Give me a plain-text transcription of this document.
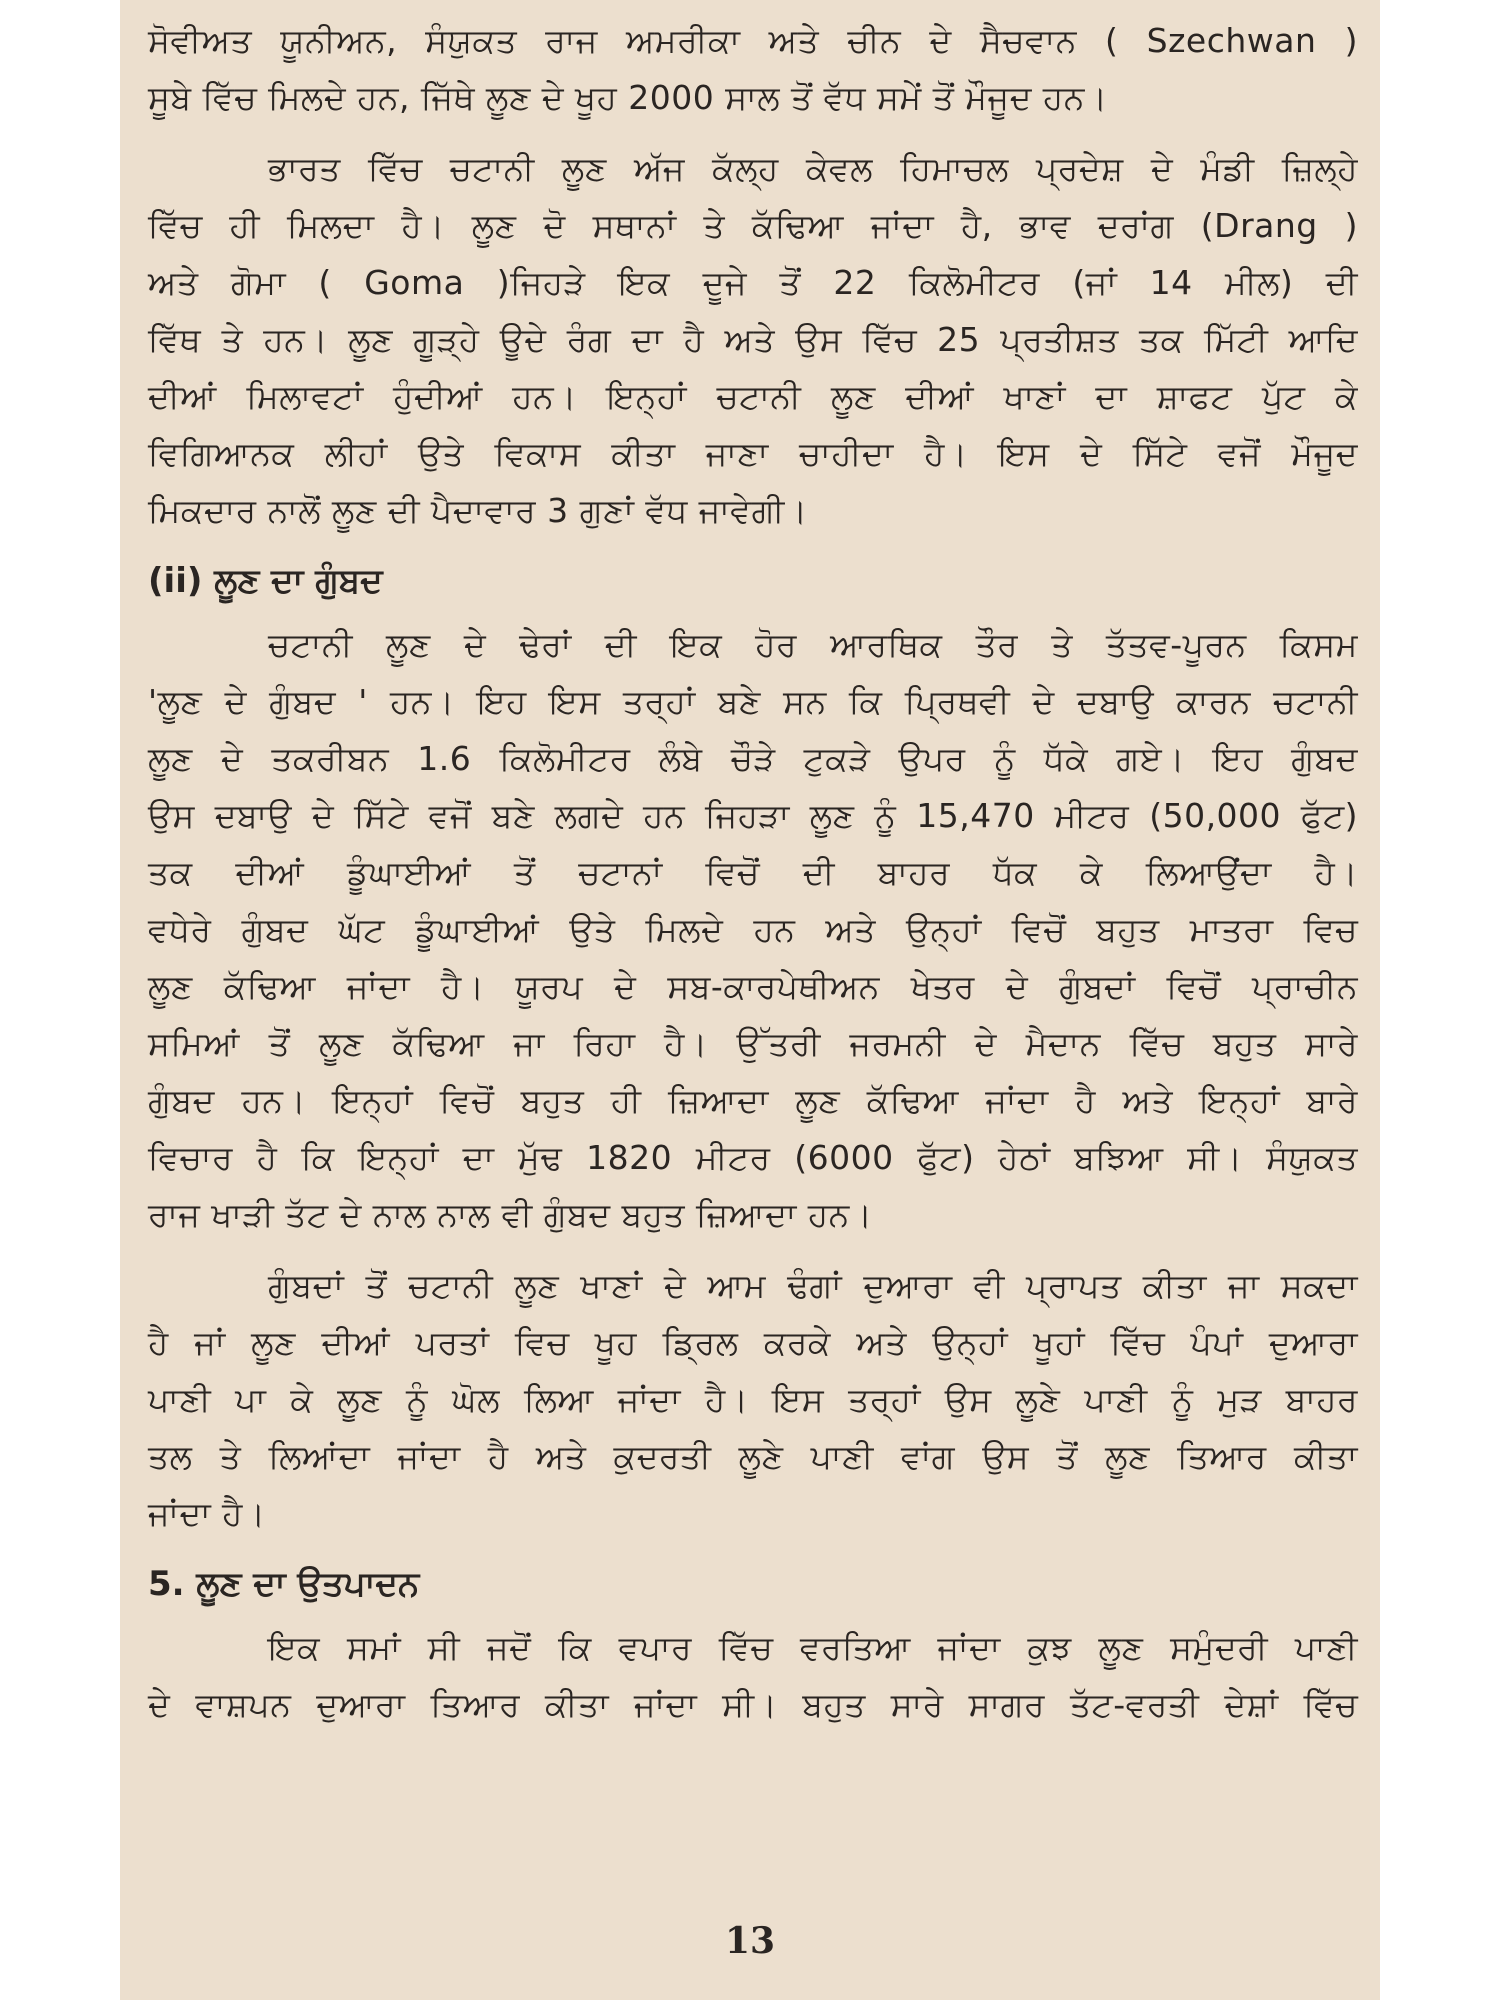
ਸੋਵੀਅਤ ਯੂਨੀਅਨ, ਸੰਯੁਕਤ ਰਾਜ ਅਮਰੀਕਾ ਅਤੇ ਚੀਨ ਦੇ ਸੈਚਵਾਨ ( Szechwan )
ਸੂਬੇ ਵਿੱਚ ਮਿਲਦੇ ਹਨ, ਜਿੱਥੇ ਲੂਣ ਦੇ ਖੂਹ 2000 ਸਾਲ ਤੋਂ ਵੱਧ ਸਮੇਂ ਤੋਂ ਮੌਜੂਦ ਹਨ।
ਭਾਰਤ ਵਿੱਚ ਚਟਾਨੀ ਲੂਣ ਅੱਜ ਕੱਲ੍ਹ ਕੇਵਲ ਹਿਮਾਚਲ ਪ੍ਰਦੇਸ਼ ਦੇ ਮੰਡੀ ਜ਼ਿਲ੍ਹੇ
ਵਿੱਚ ਹੀ ਮਿਲਦਾ ਹੈ। ਲੂਣ ਦੋ ਸਥਾਨਾਂ ਤੇ ਕੱਢਿਆ ਜਾਂਦਾ ਹੈ, ਭਾਵ ਦਰਾਂਗ (Drang )
ਅਤੇ ਗੋਮਾ ( Goma )ਜਿਹੜੇ ਇਕ ਦੂਜੇ ਤੋਂ 22 ਕਿਲੋਮੀਟਰ (ਜਾਂ 14 ਮੀਲ) ਦੀ
ਵਿੱਥ ਤੇ ਹਨ। ਲੂਣ ਗੂੜ੍ਹੇ ਊਦੇ ਰੰਗ ਦਾ ਹੈ ਅਤੇ ਉਸ ਵਿੱਚ 25 ਪ੍ਰਤੀਸ਼ਤ ਤਕ ਮਿੱਟੀ ਆਦਿ
ਦੀਆਂ ਮਿਲਾਵਟਾਂ ਹੁੰਦੀਆਂ ਹਨ। ਇਨ੍ਹਾਂ ਚਟਾਨੀ ਲੂਣ ਦੀਆਂ ਖਾਣਾਂ ਦਾ ਸ਼ਾਫਟ ਪੁੱਟ ਕੇ
ਵਿਗਿਆਨਕ ਲੀਹਾਂ ਉਤੇ ਵਿਕਾਸ ਕੀਤਾ ਜਾਣਾ ਚਾਹੀਦਾ ਹੈ। ਇਸ ਦੇ ਸਿੱਟੇ ਵਜੋਂ ਮੌਜੂਦ
ਮਿਕਦਾਰ ਨਾਲੋਂ ਲੂਣ ਦੀ ਪੈਦਾਵਾਰ 3 ਗੁਣਾਂ ਵੱਧ ਜਾਵੇਗੀ।
(ii) ਲੂਣ ਦਾ ਗੁੰਬਦ
ਚਟਾਨੀ ਲੂਣ ਦੇ ਢੇਰਾਂ ਦੀ ਇਕ ਹੋਰ ਆਰਥਿਕ ਤੌਰ ਤੇ ਤੱਤਵ-ਪੂਰਨ ਕਿਸਮ
'ਲੂਣ ਦੇ ਗੁੰਬਦ ' ਹਨ। ਇਹ ਇਸ ਤਰ੍ਹਾਂ ਬਣੇ ਸਨ ਕਿ ਪ੍ਰਿਥਵੀ ਦੇ ਦਬਾਉ ਕਾਰਨ ਚਟਾਨੀ
ਲੂਣ ਦੇ ਤਕਰੀਬਨ 1.6 ਕਿਲੋਮੀਟਰ ਲੰਬੇ ਚੌੜੇ ਟੁਕੜੇ ਉਪਰ ਨੂੰ ਧੱਕੇ ਗਏ। ਇਹ ਗੁੰਬਦ
ਉਸ ਦਬਾਉ ਦੇ ਸਿੱਟੇ ਵਜੋਂ ਬਣੇ ਲਗਦੇ ਹਨ ਜਿਹੜਾ ਲੂਣ ਨੂੰ 15,470 ਮੀਟਰ (50,000 ਫੁੱਟ)
ਤਕ ਦੀਆਂ ਡੂੰਘਾਈਆਂ ਤੋਂ ਚਟਾਨਾਂ ਵਿਚੋਂ ਦੀ ਬਾਹਰ ਧੱਕ ਕੇ ਲਿਆਉਂਦਾ ਹੈ।
ਵਧੇਰੇ ਗੁੰਬਦ ਘੱਟ ਡੂੰਘਾਈਆਂ ਉਤੇ ਮਿਲਦੇ ਹਨ ਅਤੇ ਉਨ੍ਹਾਂ ਵਿਚੋਂ ਬਹੁਤ ਮਾਤਰਾ ਵਿਚ
ਲੂਣ ਕੱਢਿਆ ਜਾਂਦਾ ਹੈ। ਯੂਰਪ ਦੇ ਸਬ-ਕਾਰਪੇਥੀਅਨ ਖੇਤਰ ਦੇ ਗੁੰਬਦਾਂ ਵਿਚੋਂ ਪ੍ਰਾਚੀਨ
ਸਮਿਆਂ ਤੋਂ ਲੂਣ ਕੱਢਿਆ ਜਾ ਰਿਹਾ ਹੈ। ਉੱਤਰੀ ਜਰਮਨੀ ਦੇ ਮੈਦਾਨ ਵਿੱਚ ਬਹੁਤ ਸਾਰੇ
ਗੁੰਬਦ ਹਨ। ਇਨ੍ਹਾਂ ਵਿਚੋਂ ਬਹੁਤ ਹੀ ਜ਼ਿਆਦਾ ਲੂਣ ਕੱਢਿਆ ਜਾਂਦਾ ਹੈ ਅਤੇ ਇਨ੍ਹਾਂ ਬਾਰੇ
ਵਿਚਾਰ ਹੈ ਕਿ ਇਨ੍ਹਾਂ ਦਾ ਮੁੱਢ 1820 ਮੀਟਰ (6000 ਫੁੱਟ) ਹੇਠਾਂ ਬਝਿਆ ਸੀ। ਸੰਯੁਕਤ
ਰਾਜ ਖਾੜੀ ਤੱਟ ਦੇ ਨਾਲ ਨਾਲ ਵੀ ਗੁੰਬਦ ਬਹੁਤ ਜ਼ਿਆਦਾ ਹਨ।
ਗੁੰਬਦਾਂ ਤੋਂ ਚਟਾਨੀ ਲੂਣ ਖਾਣਾਂ ਦੇ ਆਮ ਢੰਗਾਂ ਦੁਆਰਾ ਵੀ ਪ੍ਰਾਪਤ ਕੀਤਾ ਜਾ ਸਕਦਾ
ਹੈ ਜਾਂ ਲੂਣ ਦੀਆਂ ਪਰਤਾਂ ਵਿਚ ਖੂਹ ਡ੍ਰਿਲ ਕਰਕੇ ਅਤੇ ਉਨ੍ਹਾਂ ਖੂਹਾਂ ਵਿੱਚ ਪੰਪਾਂ ਦੁਆਰਾ
ਪਾਣੀ ਪਾ ਕੇ ਲੂਣ ਨੂੰ ਘੋਲ ਲਿਆ ਜਾਂਦਾ ਹੈ। ਇਸ ਤਰ੍ਹਾਂ ਉਸ ਲੂਣੇ ਪਾਣੀ ਨੂੰ ਮੁੜ ਬਾਹਰ
ਤਲ ਤੇ ਲਿਆਂਦਾ ਜਾਂਦਾ ਹੈ ਅਤੇ ਕੁਦਰਤੀ ਲੂਣੇ ਪਾਣੀ ਵਾਂਗ ਉਸ ਤੋਂ ਲੂਣ ਤਿਆਰ ਕੀਤਾ
ਜਾਂਦਾ ਹੈ।
5. ਲੂਣ ਦਾ ਉਤਪਾਦਨ
ਇਕ ਸਮਾਂ ਸੀ ਜਦੋਂ ਕਿ ਵਪਾਰ ਵਿੱਚ ਵਰਤਿਆ ਜਾਂਦਾ ਕੁਝ ਲੂਣ ਸਮੁੰਦਰੀ ਪਾਣੀ
ਦੇ ਵਾਸ਼ਪਨ ਦੁਆਰਾ ਤਿਆਰ ਕੀਤਾ ਜਾਂਦਾ ਸੀ। ਬਹੁਤ ਸਾਰੇ ਸਾਗਰ ਤੱਟ-ਵਰਤੀ ਦੇਸ਼ਾਂ ਵਿੱਚ
13
